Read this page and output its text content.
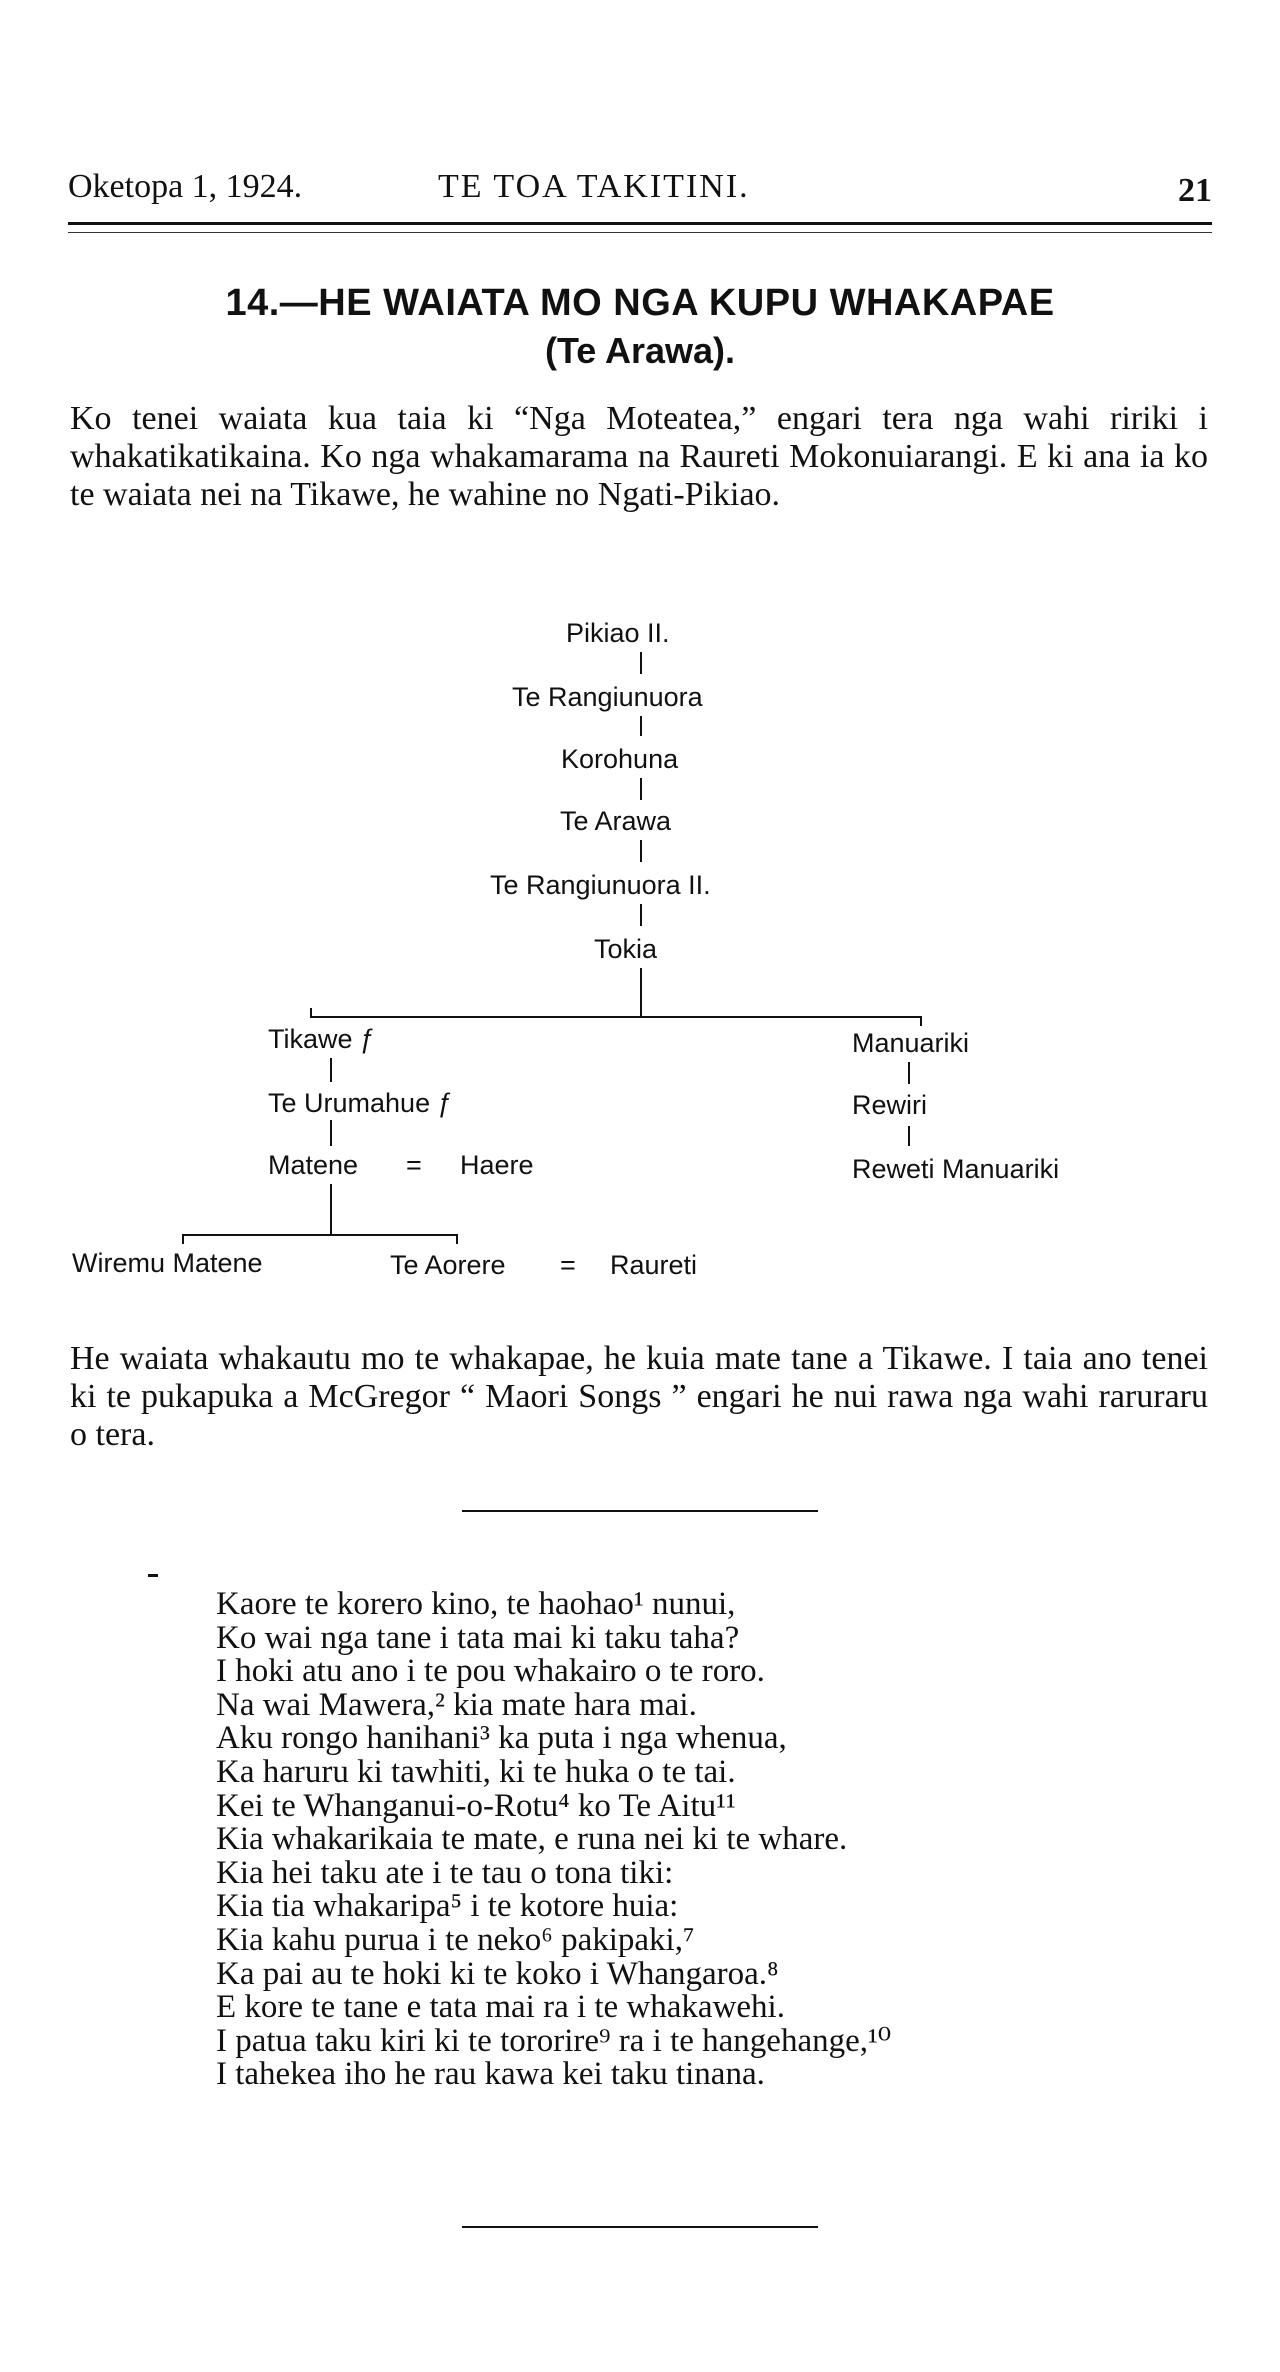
Oketopa 1, 1924.	TE TOA TAKITINI.	21
14.—HE WAIATA MO NGA KUPU WHAKAPAE
(Te Arawa).
Ko tenei waiata kua taia ki “Nga Moteatea,” engari tera nga wahi ririki i whakatikatikaina. Ko nga whakamarama na Raureti Mokonuiarangi. E ki ana ia ko te waiata nei na Tikawe, he wahine no Ngati-Pikiao.
Pikiao II.
Te Rangiunuora
Korohuna
Te Arawa
Te Rangiunuora II.
Tokia
Tikawe ƒ
Te Urumahue ƒ
Matene = Haere
Wiremu Matene	Te Aorere = Raureti
Manuariki
Rewiri
Reweti Manuariki
He waiata whakautu mo te whakapae, he kuia mate tane a Tikawe. I taia ano tenei ki te pukapuka a McGregor “ Maori Songs ” engari he nui rawa nga wahi raruraru o tera.
Kaore te korero kino, te haohao¹ nunui,
Ko wai nga tane i tata mai ki taku taha?
I hoki atu ano i te pou whakairo o te roro.
Na wai Mawera,² kia mate hara mai.
Aku rongo hanihani³ ka puta i nga whenua,
Ka haruru ki tawhiti, ki te huka o te tai.
Kei te Whanganui-o-Rotu⁴ ko Te Aitu¹¹
Kia whakarikaia te mate, e runa nei ki te whare.
Kia hei taku ate i te tau o tona tiki:
Kia tia whakaripa⁵ i te kotore huia:
Kia kahu purua i te neko⁶ pakipaki,⁷
Ka pai au te hoki ki te koko i Whangaroa.⁸
E kore te tane e tata mai ra i te whakawehi.
I patua taku kiri ki te tororire⁹ ra i te hangehange,¹⁰
I tahekea iho he rau kawa kei taku tinana.
